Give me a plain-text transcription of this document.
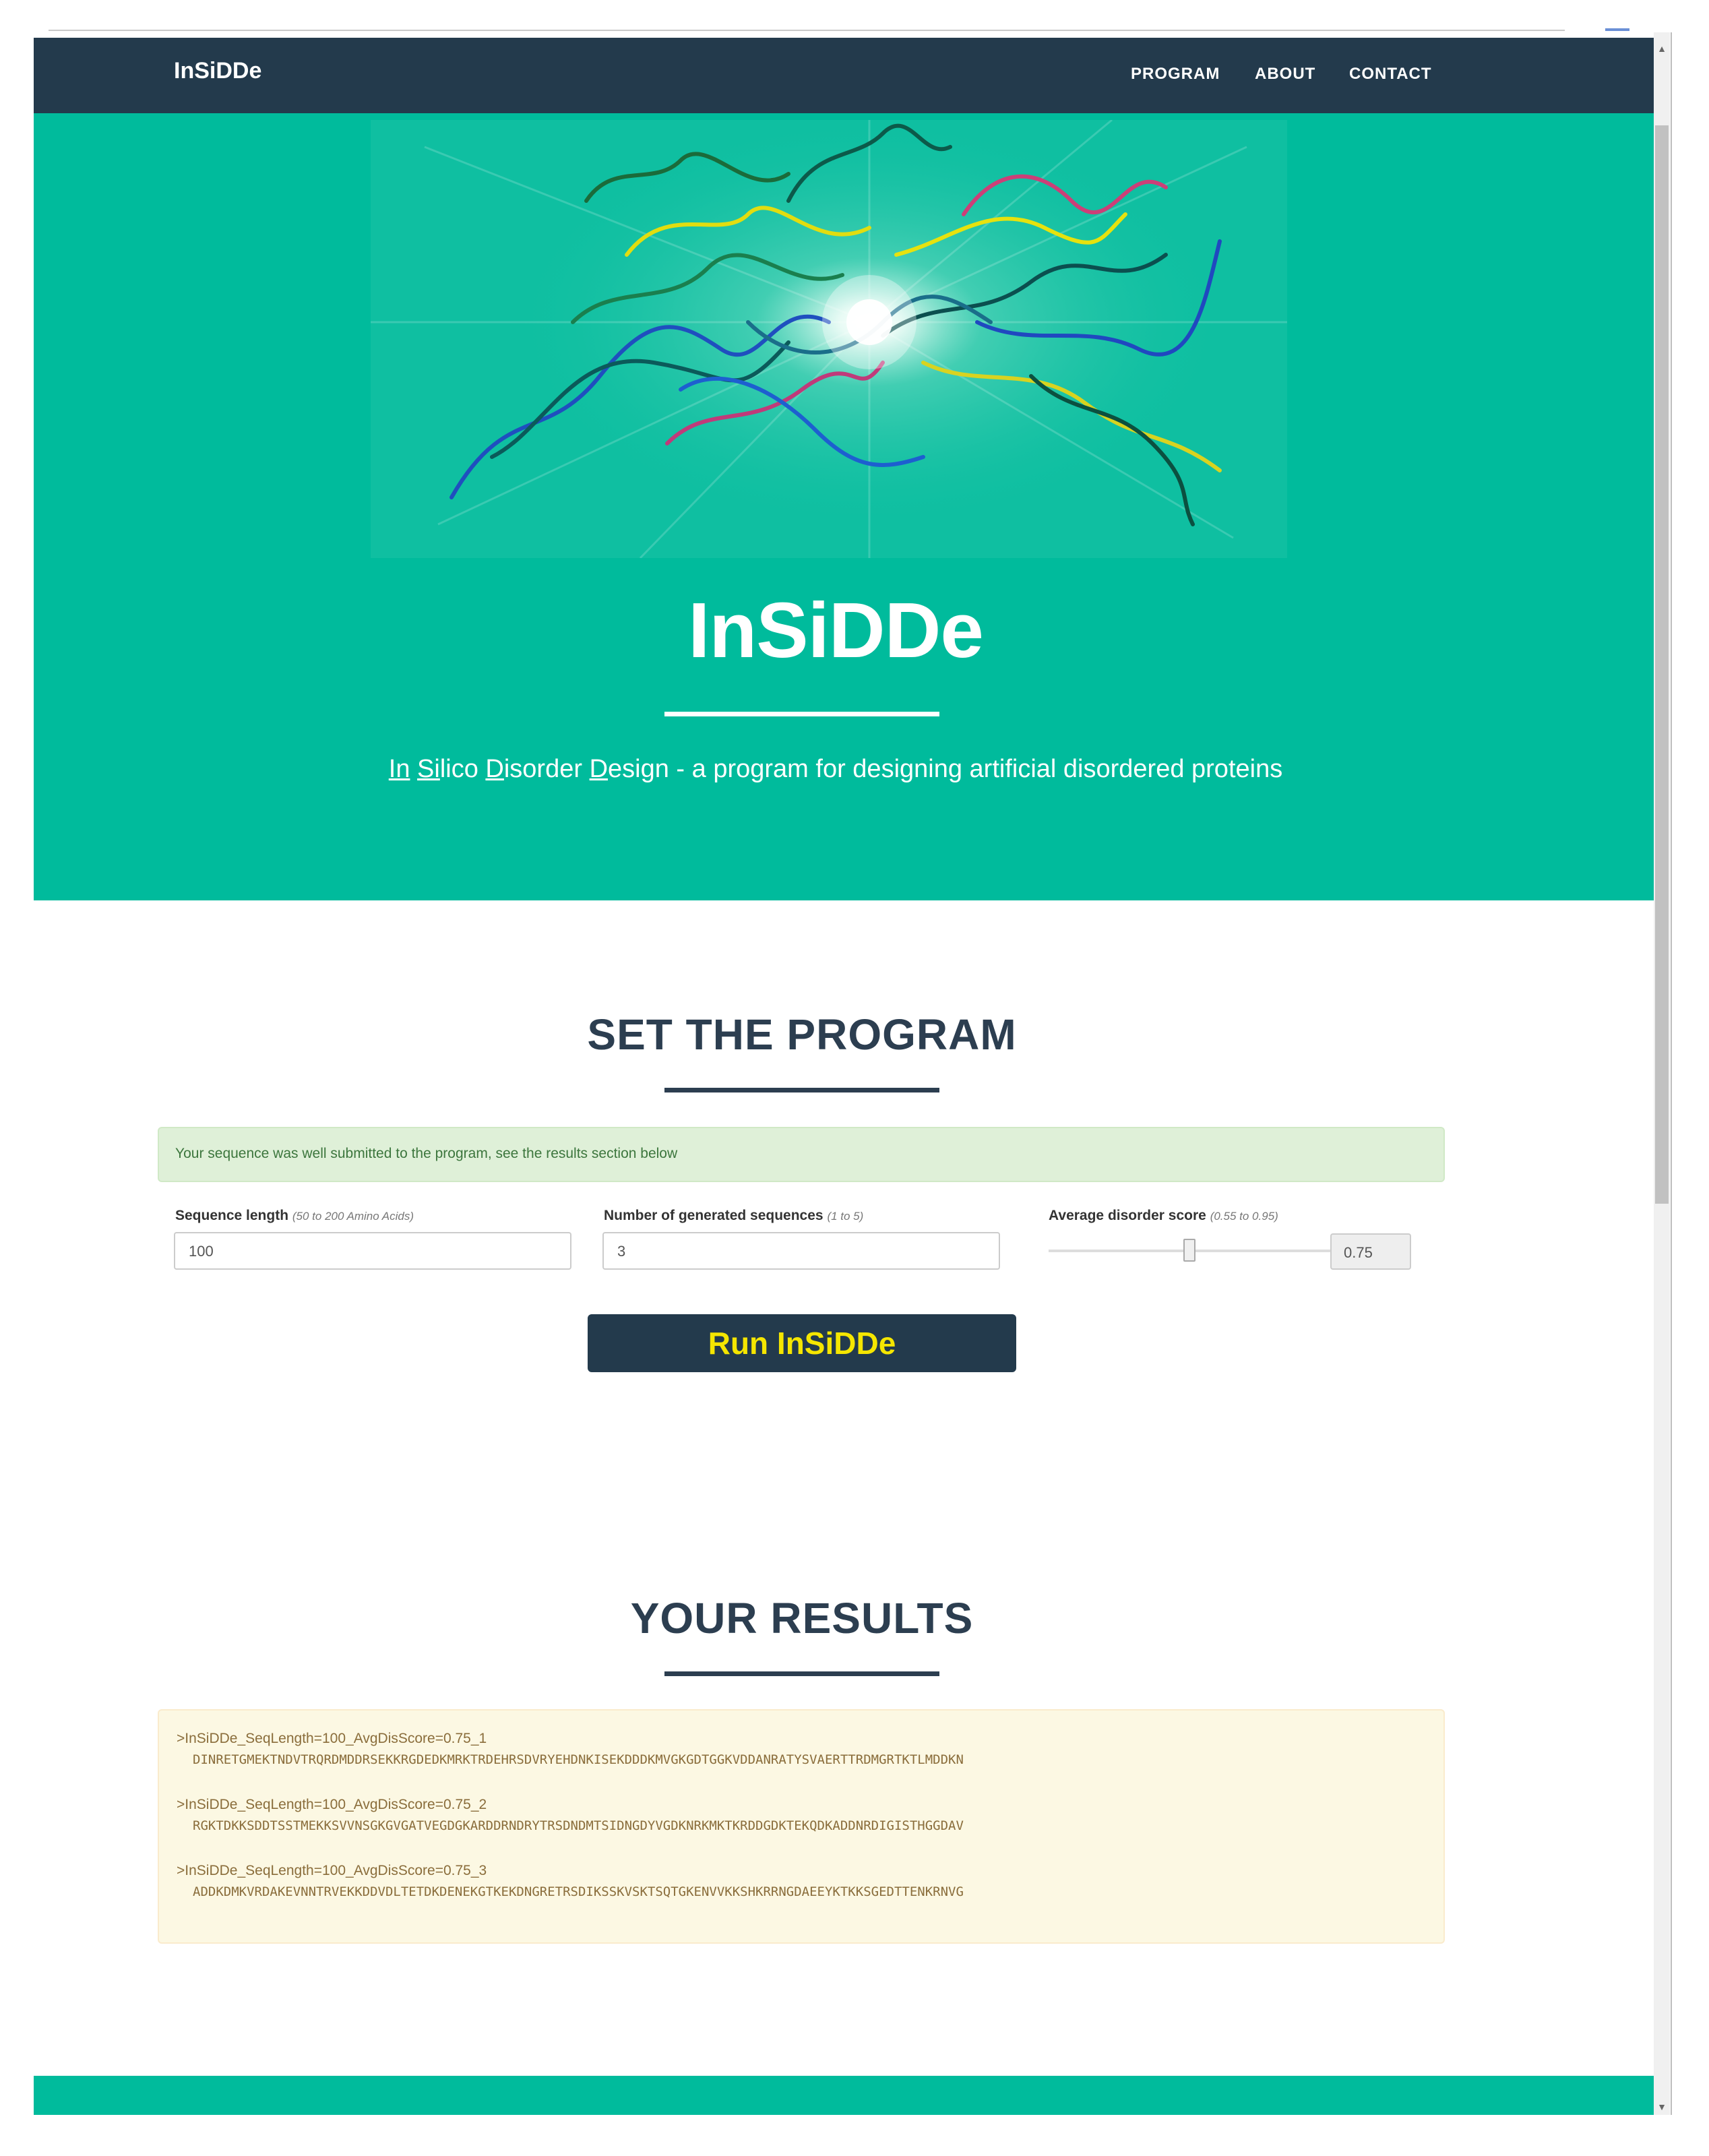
InSiDDe	PROGRAM ABOUT CONTACT
InSiDDe
In Silico Disorder Design - a program for designing artificial disordered proteins
SET THE PROGRAM
Your sequence was well submitted to the program, see the results section below
Sequence length (50 to 200 Amino Acids)
100
Number of generated sequences (1 to 5)
3
Average disorder score (0.55 to 0.95)
0.75
Run InSiDDe
YOUR RESULTS
>InSiDDe_SeqLength=100_AvgDisScore=0.75_1
DINRETGMEKTNDVTRQRDMDDRSEKKRGDEDKMRKTRDEHRSDVRYEHDNKISEKDDDKMVGKGDTGGKVDDANRATYSVAERTTRDMGRTKTLMDDKN
>InSiDDe_SeqLength=100_AvgDisScore=0.75_2
RGKTDKKSDDTSSTMEKKSVVNSGKGVGATVEGDGKARDDRNDRYTRSDNDMTSIDNGDYVGDKNRKMKTKRDDGDKTEKQDKADDNRDIGISTHGGDAV
>InSiDDe_SeqLength=100_AvgDisScore=0.75_3
ADDKDMKVRDAKEVNNTRVEKKDDVDLTETDKDENEKGTKEKDNGRETRSDIKSSKVSKTSQTGKENVVKKSHKRRNGDAEEYKTKKSGEDTTENKRNVG
▲
▼
